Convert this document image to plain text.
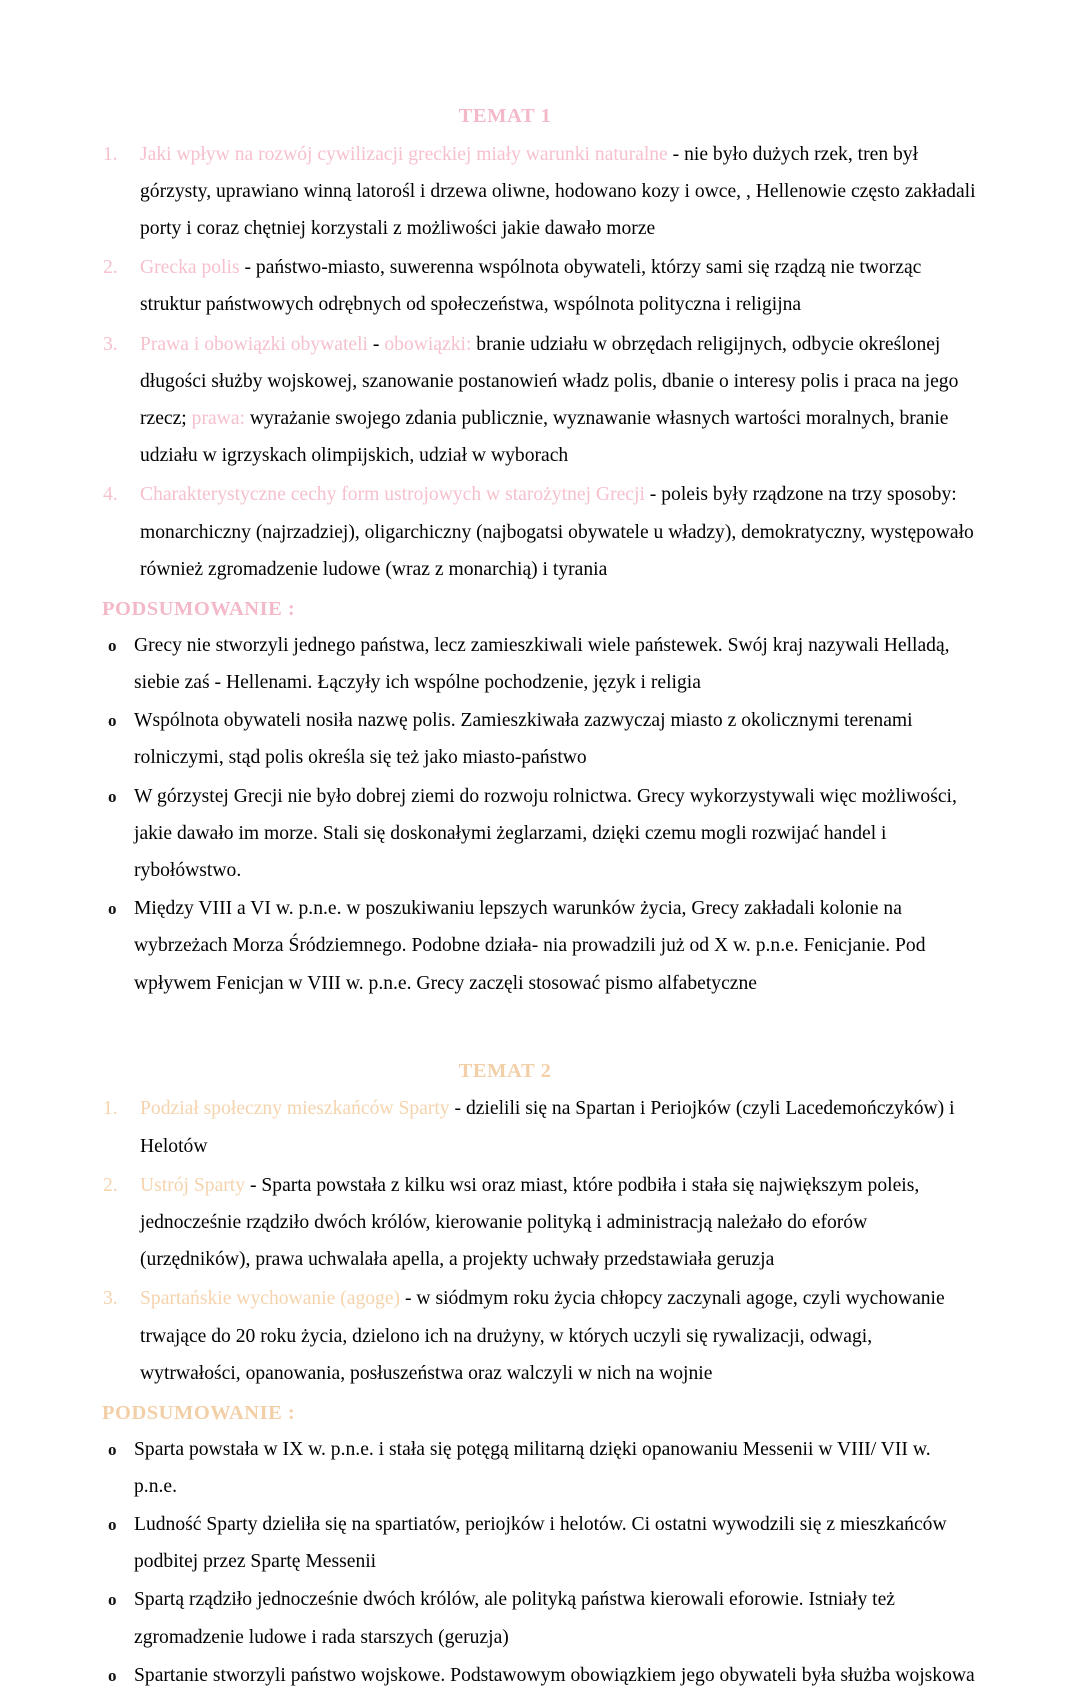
TEMAT 1
1.	Jaki wpływ na rozwój cywilizacji greckiej miały warunki naturalne - nie było dużych rzek, tren był górzysty, uprawiano winną latorośl i drzewa oliwne, hodowano kozy i owce, , Hellenowie często zakładali porty i coraz chętniej korzystali z możliwości jakie dawało morze
2.	Grecka polis - państwo-miasto, suwerenna wspólnota obywateli, którzy sami się rządzą nie tworząc struktur państwowych odrębnych od społeczeństwa, wspólnota polityczna i religijna
3.	Prawa i obowiązki obywateli - obowiązki: branie udziału w obrzędach religijnych, odbycie określonej długości służby wojskowej, szanowanie postanowień władz polis, dbanie o interesy polis i praca na jego rzecz; prawa: wyrażanie swojego zdania publicznie, wyznawanie własnych wartości moralnych, branie udziału w igrzyskach olimpijskich, udział w wyborach
4.	Charakterystyczne cechy form ustrojowych w starożytnej Grecji - poleis były rządzone na trzy sposoby: monarchiczny (najrzadziej), oligarchiczny (najbogatsi obywatele u władzy), demokratyczny, występowało również zgromadzenie ludowe (wraz z monarchią) i tyrania
PODSUMOWANIE :
o Grecy nie stworzyli jednego państwa, lecz zamieszkiwali wiele państewek. Swój kraj nazywali Helladą, siebie zaś - Hellenami. Łączyły ich wspólne pochodzenie, język i religia
o Wspólnota obywateli nosiła nazwę polis. Zamieszkiwała zazwyczaj miasto z okolicznymi terenami rolniczymi, stąd polis określa się też jako miasto-państwo
o W górzystej Grecji nie było dobrej ziemi do rozwoju rolnictwa. Grecy wykorzystywali więc możliwości, jakie dawało im morze. Stali się doskonałymi żeglarzami, dzięki czemu mogli rozwijać handel i rybołówstwo.
o Między VIII a VI w. p.n.e. w poszukiwaniu lepszych warunków życia, Grecy zakładali kolonie na wybrzeżach Morza Śródziemnego. Podobne działa- nia prowadzili już od X w. p.n.e. Fenicjanie. Pod wpływem Fenicjan w VIII w. p.n.e. Grecy zaczęli stosować pismo alfabetyczne
TEMAT 2
1.	Podział społeczny mieszkańców Sparty - dzielili się na Spartan i Periojków (czyli Lacedemończyków) i Helotów
2.	Ustrój Sparty - Sparta powstała z kilku wsi oraz miast, które podbiła i stała się największym poleis, jednocześnie rządziło dwóch królów, kierowanie polityką i administracją należało do eforów (urzędników), prawa uchwalała apella, a projekty uchwały przedstawiała geruzja
3.	Spartańskie wychowanie (agoge) - w siódmym roku życia chłopcy zaczynali agoge, czyli wychowanie trwające do 20 roku życia, dzielono ich na drużyny, w których uczyli się rywalizacji, odwagi, wytrwałości, opanowania, posłuszeństwa oraz walczyli w nich na wojnie
PODSUMOWANIE :
o Sparta powstała w IX w. p.n.e. i stała się potęgą militarną dzięki opanowaniu Messenii w VIII/ VII w. p.n.e.
o Ludność Sparty dzieliła się na spartiatów, periojków i helotów. Ci ostatni wywodzili się z mieszkańców podbitej przez Spartę Messenii
o Spartą rządziło jednocześnie dwóch królów, ale polityką państwa kierowali eforowie. Istniały też zgromadzenie ludowe i rada starszych (geruzja)
o Spartanie stworzyli państwo wojskowe. Podstawowym obowiązkiem jego obywateli była służba wojskowa
